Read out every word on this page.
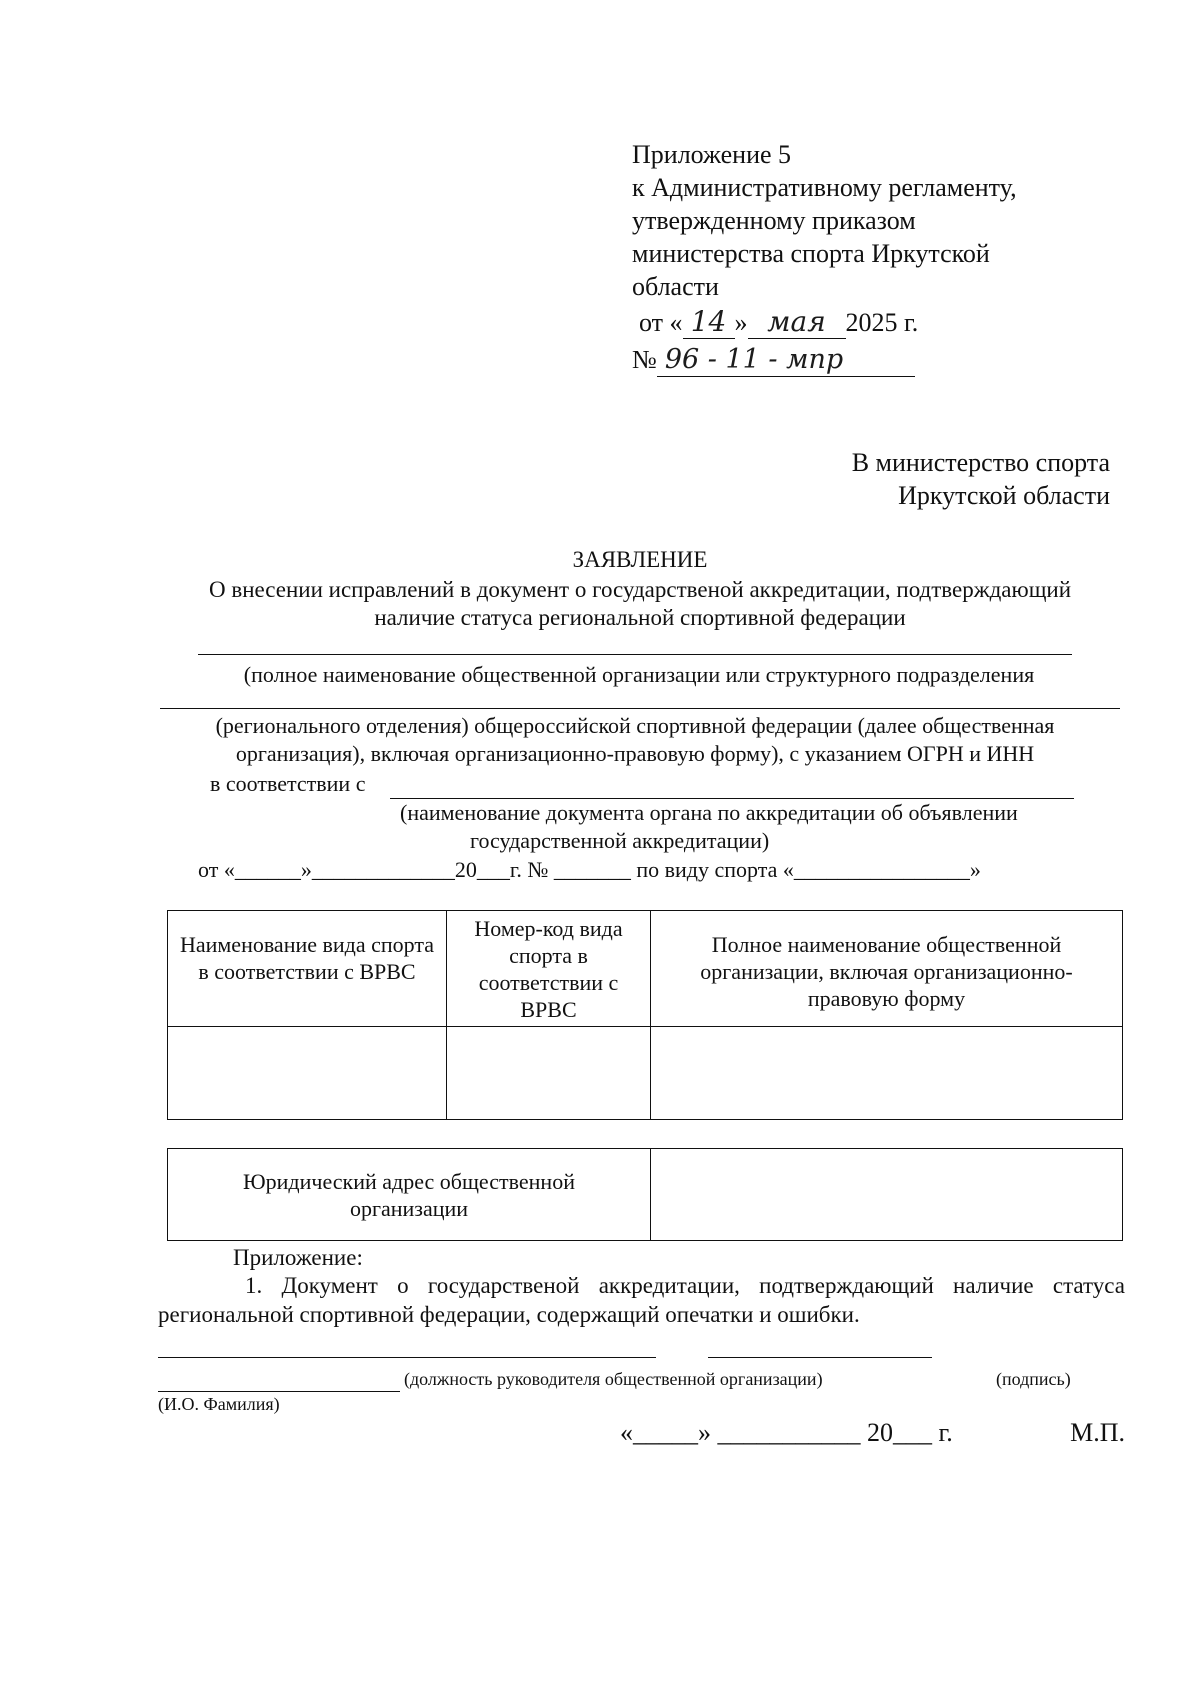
Приложение 5
к Административному регламенту,
утвержденному приказом
министерства спорта Иркутской
области
от « 14 » мая 2025 г.
№ 96 - 11 - мпр
В министерство спорта
Иркутской области
ЗАЯВЛЕНИЕ
О внесении исправлений в документ о государственой аккредитации, подтверждающий
наличие статуса региональной спортивной федерации
(полное наименование общественной организации или структурного подразделения
(регионального отделения) общероссийской спортивной федерации (далее общественная
организация), включая организационно-правовую форму), с указанием ОГРН и ИНН
в соответствии с
(наименование документа органа по аккредитации об объявлении
государственной аккредитации)
от «______»_____________20___г. № _______ по виду спорта «________________»
Наименование вида спорта в соответствии с ВРВС	Номер-код вида спорта в соответствии с ВРВС	Полное наименование общественной организации, включая организационно-правовую форму

Юридический адрес общественной организации	
Приложение:
1. Документ о государственой аккредитации, подтверждающий наличие статуса
региональной спортивной федерации, содержащий опечатки и ошибки.
(должность руководителя общественной организации)	(подпись)
(И.О. Фамилия)
«_____» ___________ 20___ г.	М.П.
